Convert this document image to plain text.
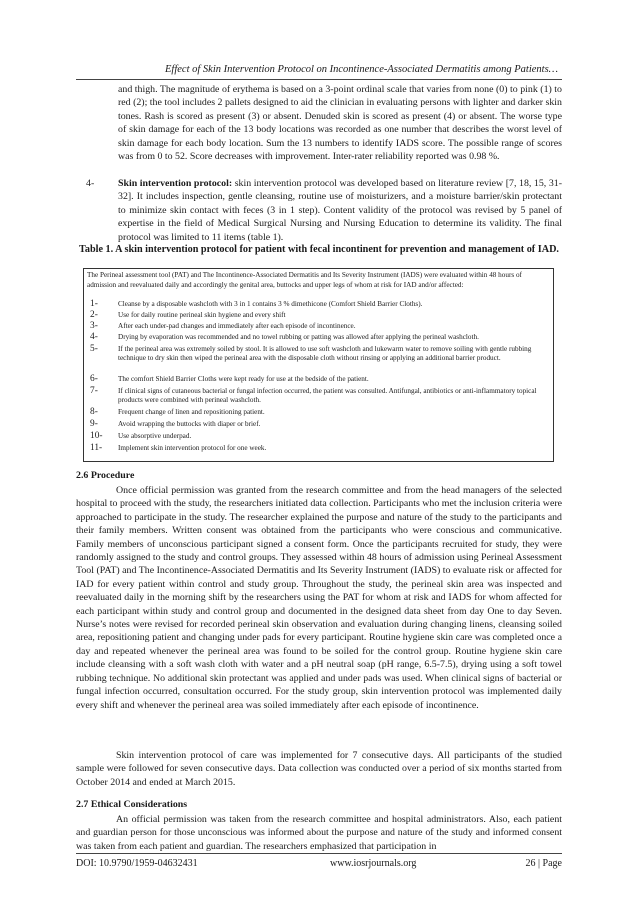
Effect of Skin Intervention Protocol on Incontinence-Associated Dermatitis among Patients…
and thigh. The magnitude of erythema is based on a 3-point ordinal scale that varies from none (0) to pink (1) to red (2); the tool includes 2 pallets designed to aid the clinician in evaluating persons with lighter and darker skin tones. Rash is scored as present (3) or absent. Denuded skin is scored as present (4) or absent. The worse type of skin damage for each of the 13 body locations was recorded as one number that describes the worst level of skin damage for each body location. Sum the 13 numbers to identify IADS score. The possible range of scores was from 0 to 52. Score decreases with improvement. Inter-rater reliability reported was 0.98 %.
4- Skin intervention protocol: skin intervention protocol was developed based on literature review [7, 18, 15, 31-32]. It includes inspection, gentle cleansing, routine use of moisturizers, and a moisture barrier/skin protectant to minimize skin contact with feces (3 in 1 step). Content validity of the protocol was revised by 5 panel of expertise in the field of Medical Surgical Nursing and Nursing Education to determine its validity. The final protocol was limited to 11 items (table 1).
Table 1. A skin intervention protocol for patient with fecal incontinent for prevention and management of IAD.
The Perineal assessment tool (PAT) and The Incontinence-Associated Dermatitis and Its Severity Instrument (IADS) were evaluated within 48 hours of admission and reevaluated daily and accordingly the genital area, buttocks and upper legs of whom at risk for IAD and/or affected:
1-	Cleanse by a disposable washcloth with 3 in 1 contains 3 % dimethicone (Comfort Shield Barrier Cloths).
2-	Use for daily routine perineal skin hygiene and every shift
3-	After each under-pad changes and immediately after each episode of incontinence.
4-	Drying by evaporation was recommended and no towel rubbing or patting was allowed after applying the perineal washcloth.
5-	If the perineal area was extremely soiled by stool. It is allowed to use soft washcloth and lukewarm water to remove soiling with gentle rubbing technique to dry skin then wiped the perineal area with the disposable cloth without rinsing or applying an additional barrier product.
6-	The comfort Shield Barrier Cloths were kept ready for use at the bedside of the patient.
7-	If clinical signs of cutaneous bacterial or fungal infection occurred, the patient was consulted. Antifungal, antibiotics or anti-inflammatory topical products were combined with perineal washcloth.
8-	Frequent change of linen and repositioning patient.
9-	Avoid wrapping the buttocks with diaper or brief.
10- Use absorptive underpad.
11- Implement skin intervention protocol for one week.
2.6 Procedure
Once official permission was granted from the research committee and from the head managers of the selected hospital to proceed with the study, the researchers initiated data collection. Participants who met the inclusion criteria were approached to participate in the study. The researcher explained the purpose and nature of the study to the participants and their family members. Written consent was obtained from the participants who were conscious and communicative. Family members of unconscious participant signed a consent form. Once the participants recruited for study, they were randomly assigned to the study and control groups. They assessed within 48 hours of admission using Perineal Assessment Tool (PAT) and The Incontinence-Associated Dermatitis and Its Severity Instrument (IADS) to evaluate risk or affected for IAD for every patient within control and study group. Throughout the study, the perineal skin area was inspected and reevaluated daily in the morning shift by the researchers using the PAT for whom at risk and IADS for whom affected for each participant within study and control group and documented in the designed data sheet from day One to day Seven. Nurse’s notes were revised for recorded perineal skin observation and evaluation during changing linens, cleansing soiled area, repositioning patient and changing under pads for every participant. Routine hygiene skin care was completed once a day and repeated whenever the perineal area was found to be soiled for the control group. Routine hygiene skin care include cleansing with a soft wash cloth with water and a pH neutral soap (pH range, 6.5-7.5), drying using a soft towel rubbing technique. No additional skin protectant was applied and under pads was used. When clinical signs of bacterial or fungal infection occurred, consultation occurred. For the study group, skin intervention protocol was implemented daily every shift and whenever the perineal area was soiled immediately after each episode of incontinence.
Skin intervention protocol of care was implemented for 7 consecutive days. All participants of the studied sample were followed for seven consecutive days. Data collection was conducted over a period of six months started from October 2014 and ended at March 2015.
2.7 Ethical Considerations
An official permission was taken from the research committee and hospital administrators. Also, each patient and guardian person for those unconscious was informed about the purpose and nature of the study and informed consent was taken from each patient and guardian. The researchers emphasized that participation in
DOI: 10.9790/1959-04632431	www.iosrjournals.org	26 | Page
